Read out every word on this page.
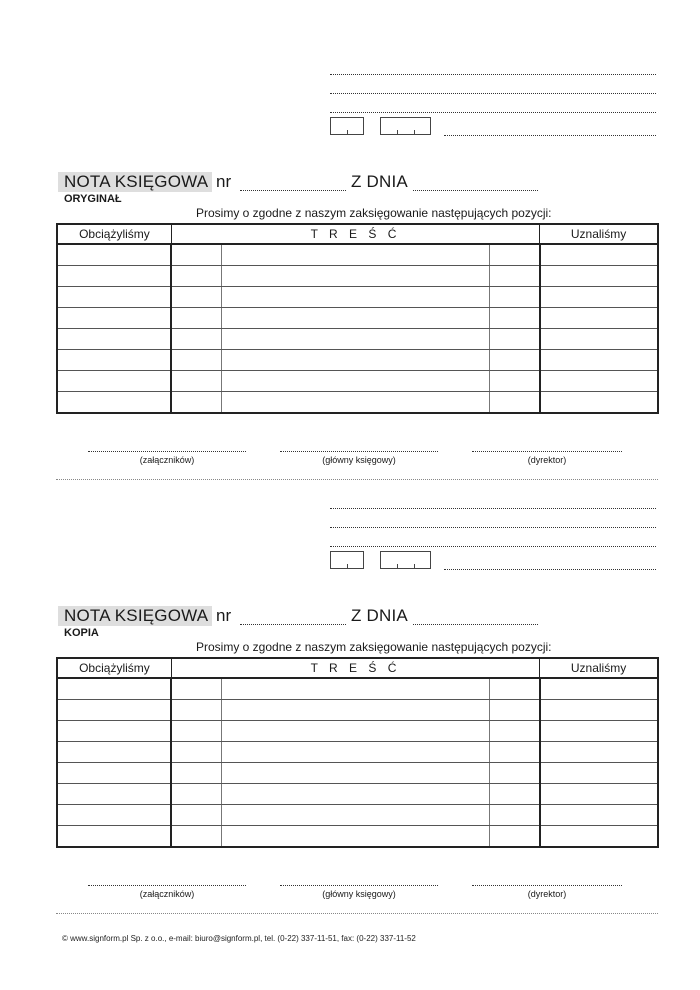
NOTA KSIĘGOWA nr	Z DNIA
ORYGINAŁ
Prosimy o zgodne z naszym zaksięgowanie następujących pozycji:
Obciążyliśmy	T R E Ś Ć			Uznaliśmy

(załączników)	(główny księgowy)	(dyrektor)
NOTA KSIĘGOWA nr	Z DNIA
KOPIA
Prosimy o zgodne z naszym zaksięgowanie następujących pozycji:
Obciążyliśmy	T R E Ś Ć			Uznaliśmy

(załączników)	(główny księgowy)	(dyrektor)
© www.signform.pl Sp. z o.o., e-mail: biuro@signform.pl, tel. (0-22) 337-11-51, fax: (0-22) 337-11-52
